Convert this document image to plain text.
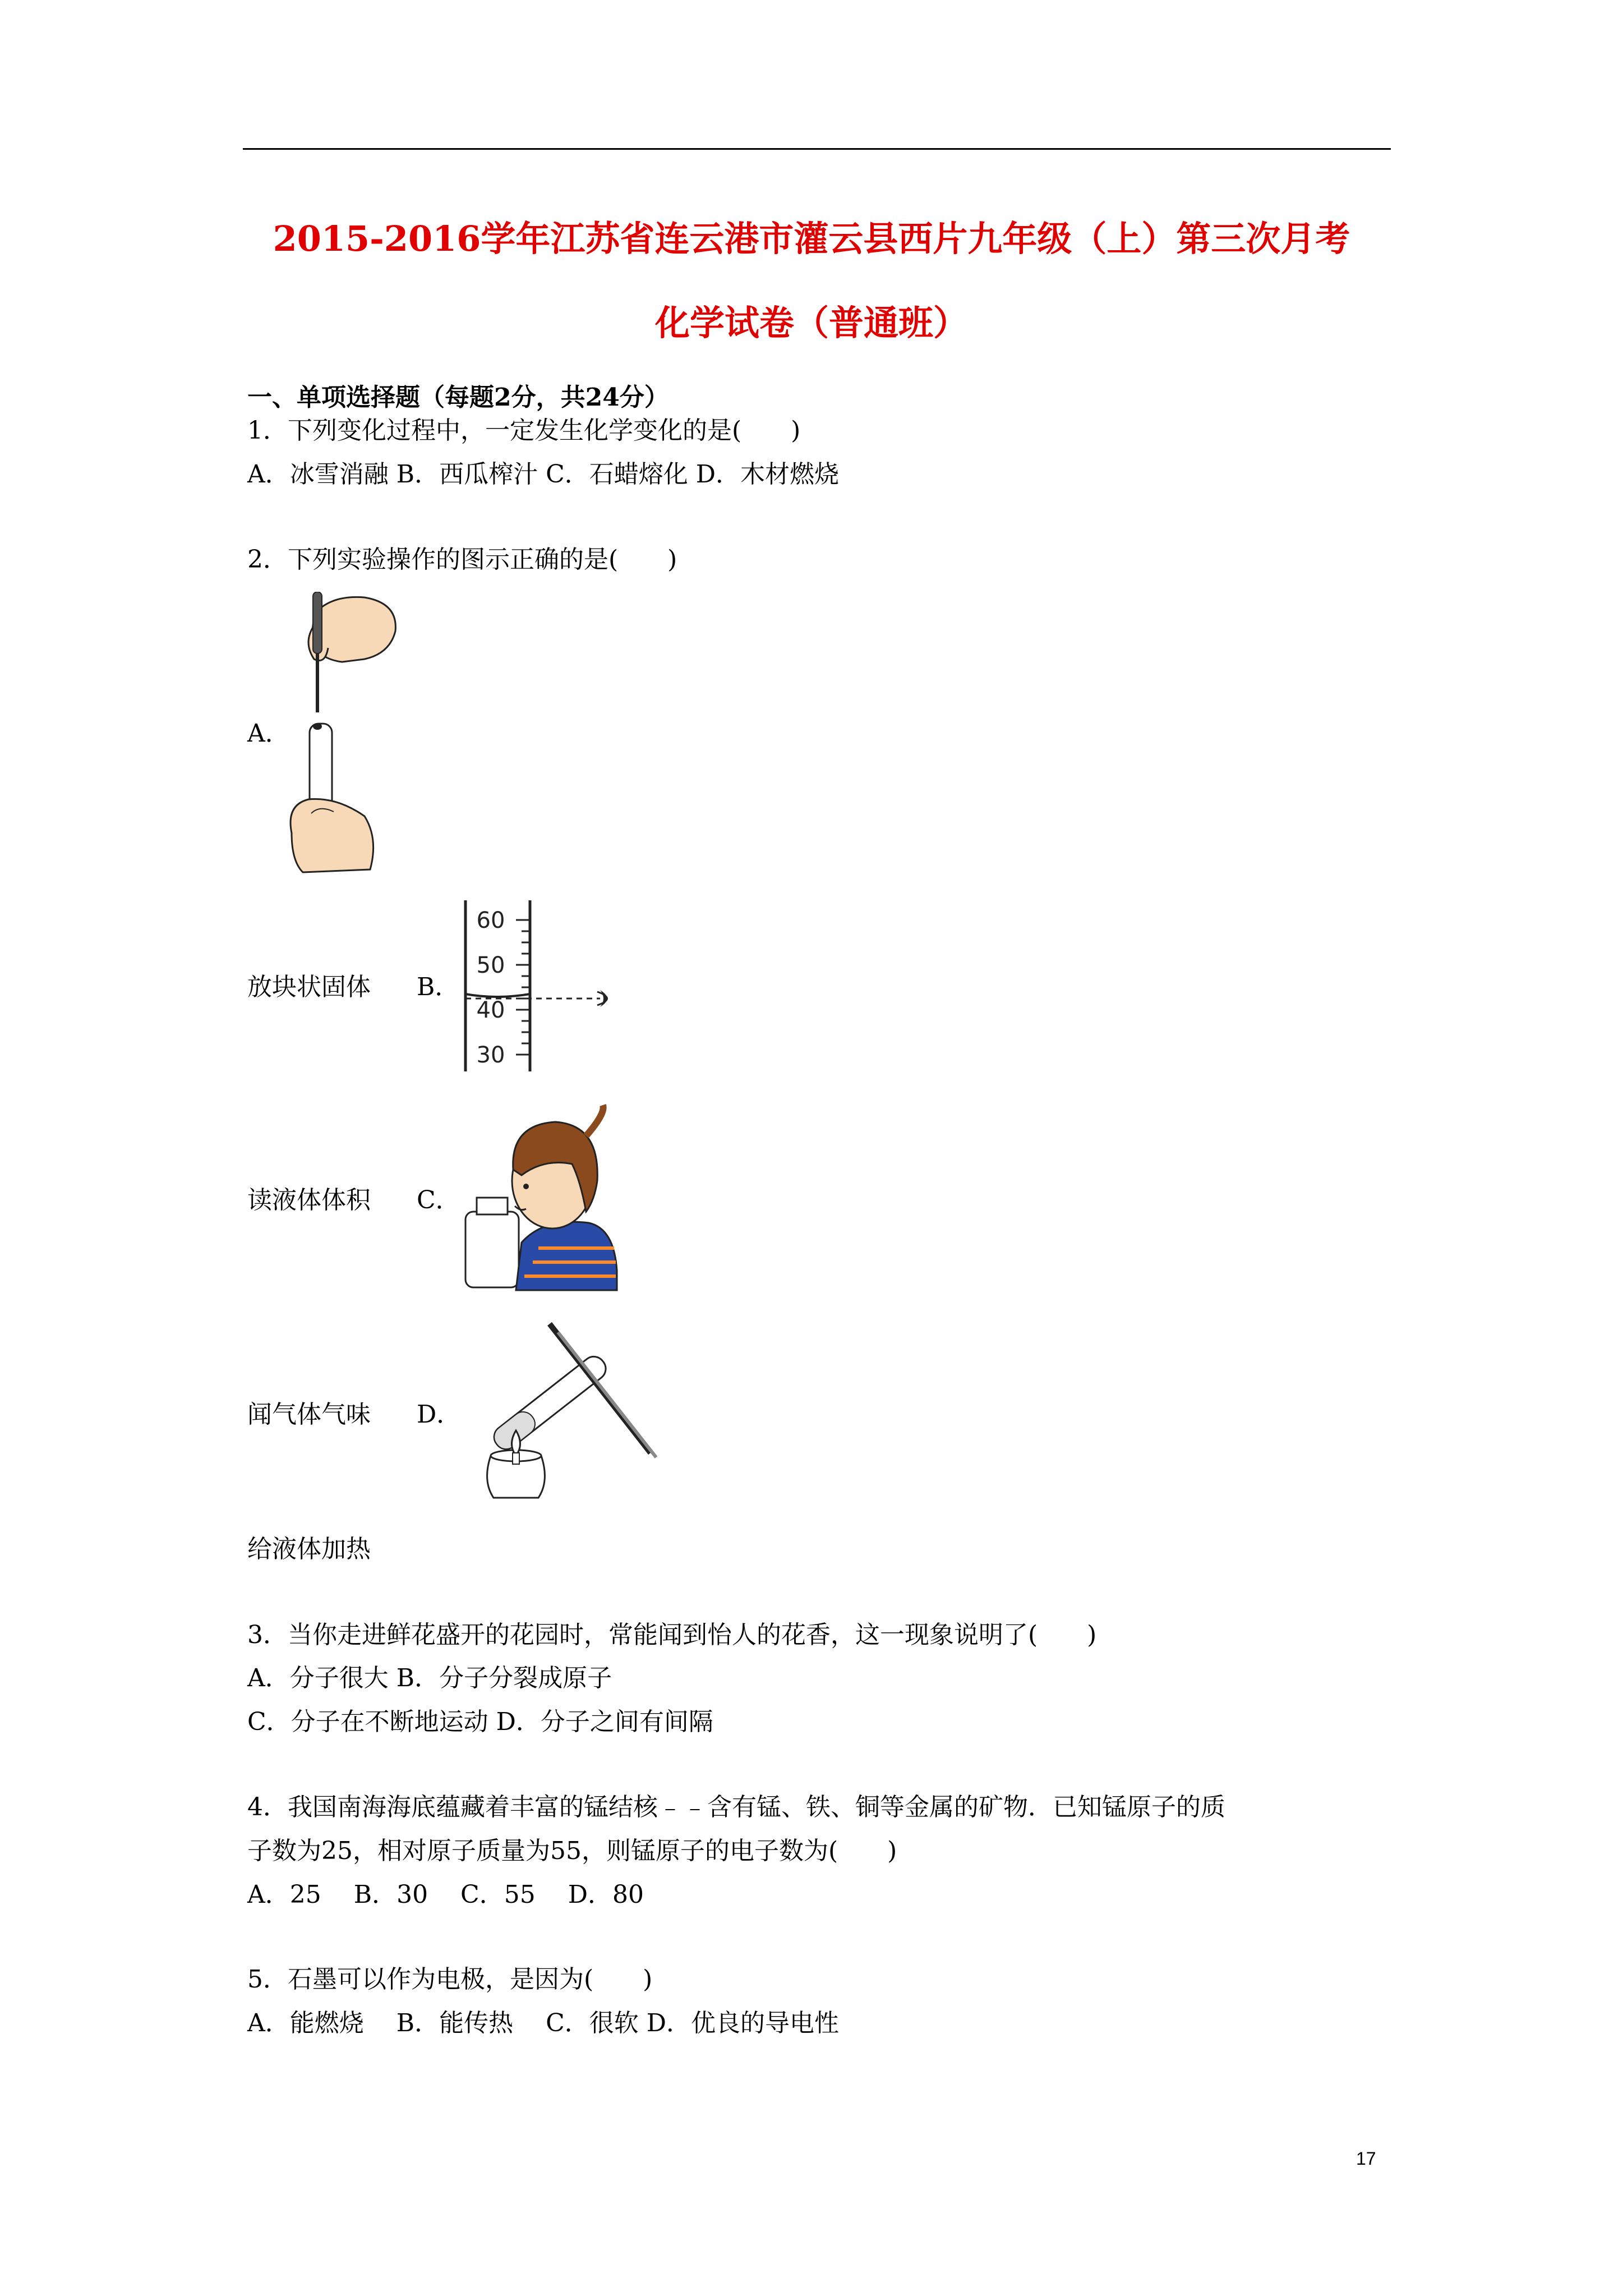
2015-2016学年江苏省连云港市灌云县西片九年级（上）第三次月考
化学试卷（普通班）
一、单项选择题（每题2分，共24分）
1．下列变化过程中，一定发生化学变化的是(　　)
A．冰雪消融 B．西瓜榨汁 C．石蜡熔化 D．木材燃烧
2．下列实验操作的图示正确的是(　　)
A．
放块状固体 B．
60
50
40
30
读液体体积 C．
闻气体气味 D．
给液体加热
3．当你走进鲜花盛开的花园时，常能闻到怡人的花香，这一现象说明了(　　)
A．分子很大 B．分子分裂成原子
C．分子在不断地运动 D．分子之间有间隔
4．我国南海海底蕴藏着丰富的锰结核﹣﹣含有锰、铁、铜等金属的矿物．已知锰原子的质
子数为25，相对原子质量为55，则锰原子的电子数为(　　)
A．25　 B．30　 C．55　 D．80
5．石墨可以作为电极，是因为(　　)
A．能燃烧　 B．能传热　 C．很软 D．优良的导电性
17
